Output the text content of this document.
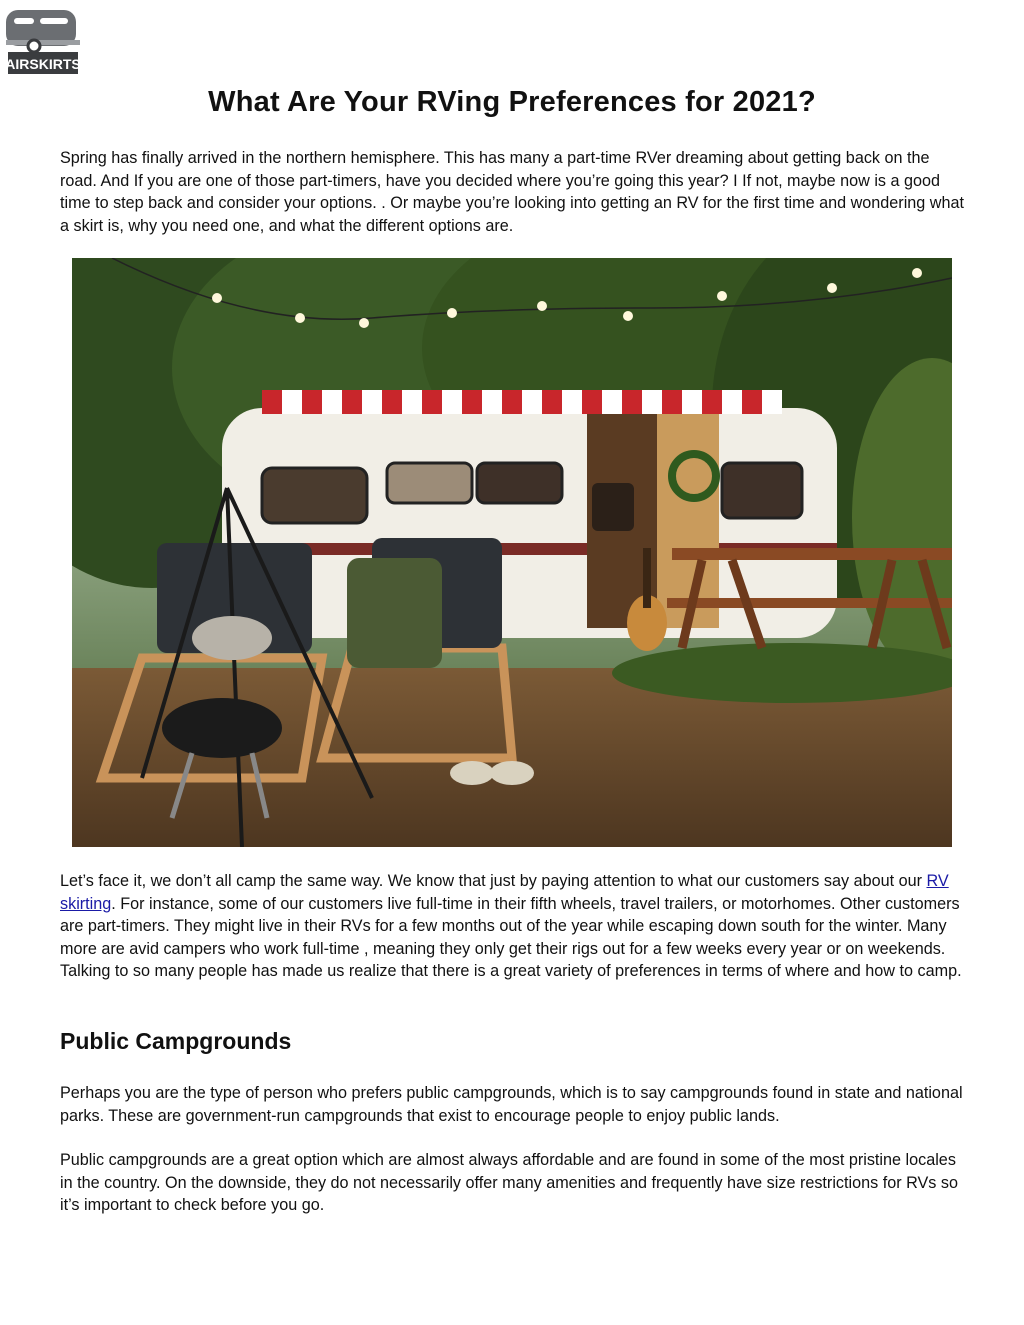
AIRSKIRTS
What Are Your RVing Preferences for 2021?

Spring has finally arrived in the northern hemisphere. This has many a part-time RVer dreaming about getting back on the road. And If you are one of those part-timers, have you decided where you’re going this year? I If not, maybe now is a good time to step back and consider your options. . Or maybe you’re looking into getting an RV for the first time and wondering what a skirt is, why you need one, and what the different options are.

Let’s face it, we don’t all camp the same way. We know that just by paying attention to what our customers say about our RV skirting. For instance, some of our customers live full-time in their fifth wheels, travel trailers, or motorhomes. Other customers are part-timers. They might live in their RVs for a few months out of the year while escaping down south for the winter. Many more are avid campers who work full-time , meaning they only get their rigs out for a few weeks every year or on weekends. Talking to so many people has made us realize that there is a great variety of preferences in terms of where and how to camp.

Public Campgrounds

Perhaps you are the type of person who prefers public campgrounds, which is to say campgrounds found in state and national parks. These are government-run campgrounds that exist to encourage people to enjoy public lands.

Public campgrounds are a great option which are almost always affordable and are found in some of the most pristine locales in the country. On the downside, they do not necessarily offer many amenities and frequently have size restrictions for RVs so it’s important to check before you go.
